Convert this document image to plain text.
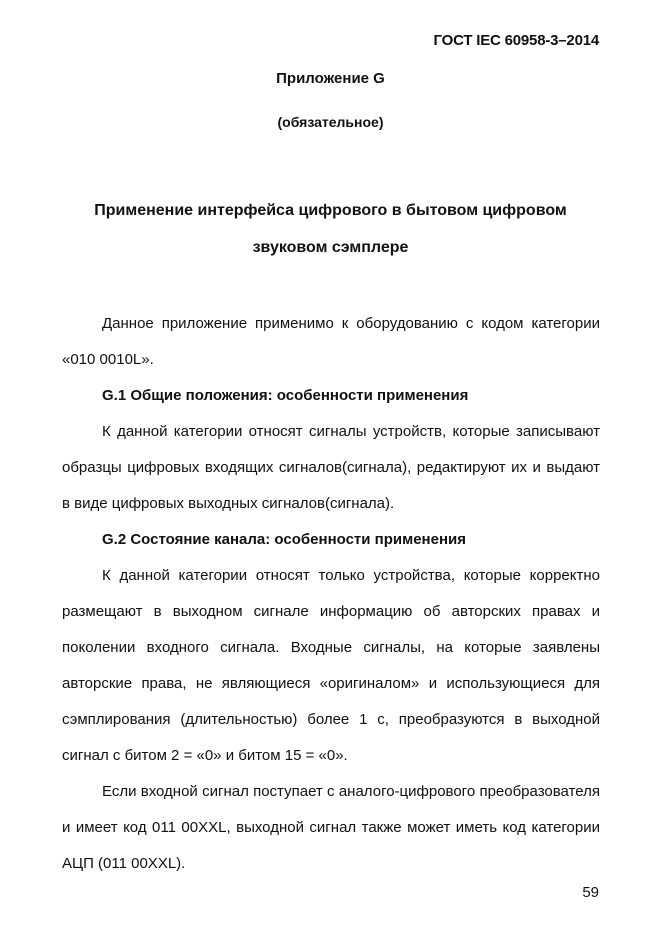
ГОСТ IEC 60958-3–2014
Приложение G
(обязательное)
Применение интерфейса цифрового в бытовом цифровом
звуковом сэмплере

Данное приложение применимо к оборудованию с кодом категории «010 0010L».

G.1 Общие положения: особенности применения

К данной категории относят сигналы устройств, которые записывают образцы цифровых входящих сигналов(сигнала), редактируют их и выдают в виде цифровых выходных сигналов(сигнала).

G.2 Состояние канала: особенности применения

К данной категории относят только устройства, которые корректно размещают в выходном сигнале информацию об авторских правах и поколении входного сигнала. Входные сигналы, на которые заявлены авторские права, не являющиеся «оригиналом» и использующиеся для сэмплирования (длительностью) более 1 с, преобразуются в выходной сигнал с битом 2 = «0» и битом 15 = «0».

Если входной сигнал поступает с аналого-цифрового преобразователя и имеет код 011 00XXL, выходной сигнал также может иметь код категории АЦП (011 00XXL).

59
